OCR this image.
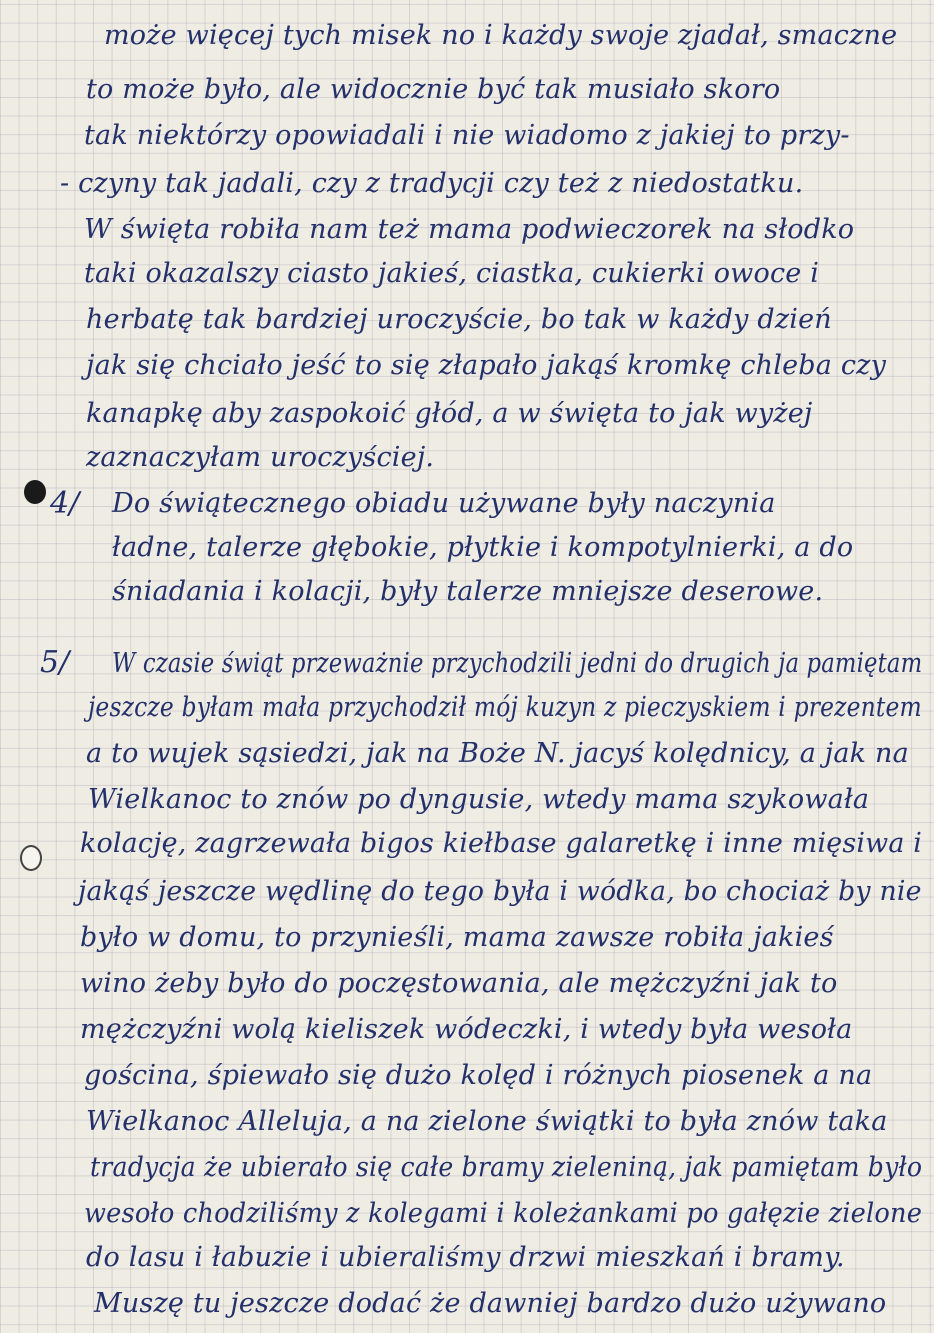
4/
5/
może więcej tych misek no i każdy swoje zjadał, smaczne
to może było, ale widocznie być tak musiało skoro
tak niektórzy opowiadali i nie wiadomo z jakiej to przy-
- czyny tak jadali, czy z tradycji czy też z niedostatku.
W święta robiła nam też mama podwieczorek na słodko
taki okazalszy ciasto jakieś, ciastka, cukierki owoce i
herbatę tak bardziej uroczyście, bo tak w każdy dzień
jak się chciało jeść to się złapało jakąś kromkę chleba czy
kanapkę aby zaspokoić głód, a w święta to jak wyżej
zaznaczyłam uroczyściej.
Do świątecznego obiadu używane były naczynia
ładne, talerze głębokie, płytkie i kompotylnierki, a do
śniadania i kolacji, były talerze mniejsze deserowe.
W czasie świąt przeważnie przychodzili jedni do drugich ja pamiętam
jeszcze byłam mała przychodził mój kuzyn z pieczyskiem i prezentem
a to wujek sąsiedzi, jak na Boże N. jacyś kolędnicy, a jak na
Wielkanoc to znów po dyngusie, wtedy mama szykowała
kolację, zagrzewała bigos kiełbase galaretkę i inne mięsiwa i
jakąś jeszcze wędlinę do tego była i wódka, bo chociaż by nie
było w domu, to przynieśli, mama zawsze robiła jakieś
wino żeby było do poczęstowania, ale mężczyźni jak to
mężczyźni wolą kieliszek wódeczki, i wtedy była wesoła
gościna, śpiewało się dużo kolęd i różnych piosenek a na
Wielkanoc Alleluja, a na zielone świątki to była znów taka
tradycja że ubierało się całe bramy zieleniną, jak pamiętam było
wesoło chodziliśmy z kolegami i koleżankami po gałęzie zielone
do lasu i łabuzie i ubieraliśmy drzwi mieszkań i bramy.
Muszę tu jeszcze dodać że dawniej bardzo dużo używano
